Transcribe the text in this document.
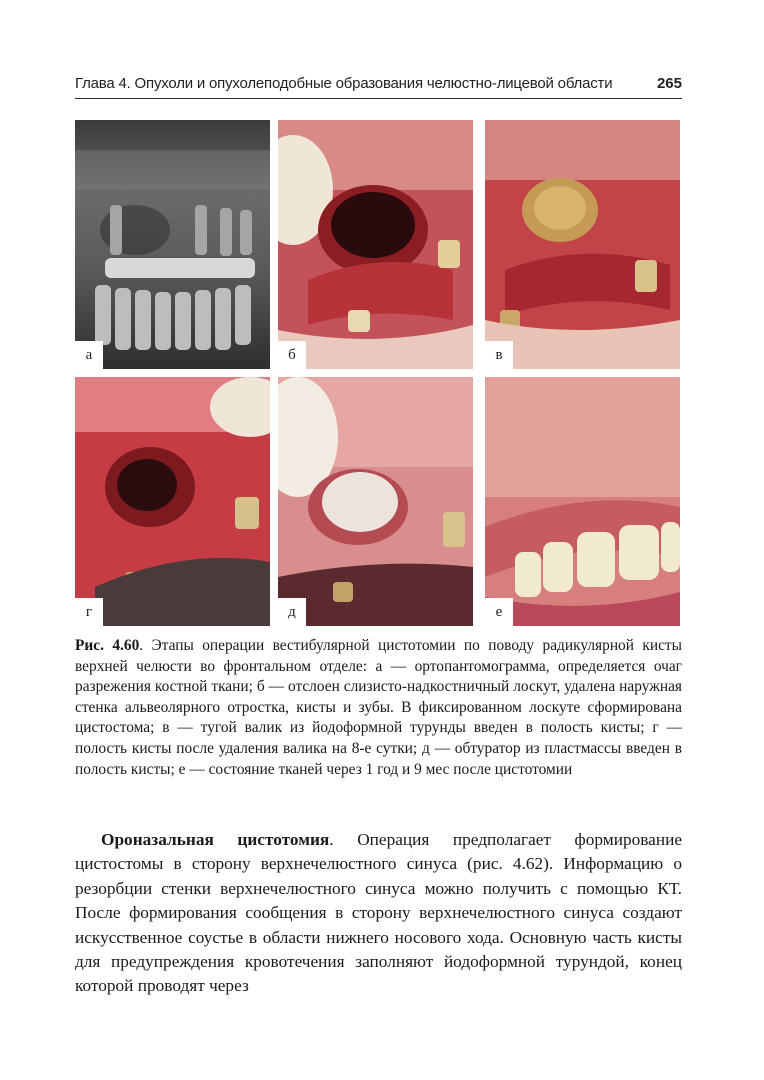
Глава 4. Опухоли и опухолеподобные образования челюстно-лицевой области	265
а	б	в
г	д	е
Рис. 4.60. Этапы операции вестибулярной цистотомии по поводу радикулярной кисты верхней челюсти во фронтальном отделе: а — ортопантомограмма, определяется очаг разрежения костной ткани; б — отслоен слизисто-надкостничный лоскут, удалена наружная стенка альвеолярного отростка, кисты и зубы. В фиксированном лоскуте сформирована цистостома; в — тугой валик из йодоформной турунды введен в полость кисты; г — полость кисты после удаления валика на 8-е сутки; д — обтуратор из пластмассы введен в полость кисты; е — состояние тканей через 1 год и 9 мес после цистотомии
Ороназальная цистотомия. Операция предполагает формирование цистостомы в сторону верхнечелюстного синуса (рис. 4.62). Информацию о резорбции стенки верхнечелюстного синуса можно получить с помощью КТ. После формирования сообщения в сторону верхнечелюстного синуса создают искусственное соустье в области нижнего носового хода. Основную часть кисты для предупреждения кровотечения заполняют йодоформной турундой, конец которой проводят через
